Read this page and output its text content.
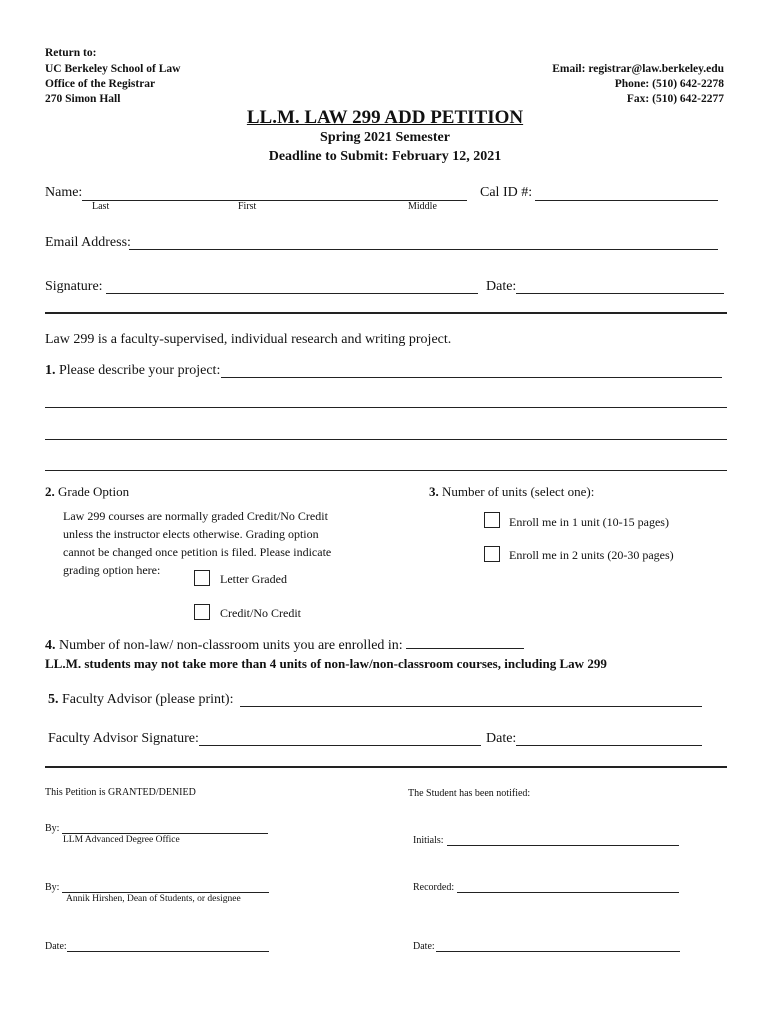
Return to:
UC Berkeley School of Law
Office of the Registrar
270 Simon Hall
Email: registrar@law.berkeley.edu
Phone: (510) 642-2278
Fax: (510) 642-2277
LL.M. LAW 299 ADD PETITION
Spring 2021 Semester
Deadline to Submit: February 12, 2021
Name:
Last	First	Middle
Cal ID #:
Email Address:
Signature:	Date:
Law 299 is a faculty-supervised, individual research and writing project.
1. Please describe your project:
2. Grade Option
Law 299 courses are normally graded Credit/No Credit
unless the instructor elects otherwise. Grading option
cannot be changed once petition is filed. Please indicate
grading option here:
Letter Graded
Credit/No Credit
3. Number of units (select one):
Enroll me in 1 unit (10-15 pages)
Enroll me in 2 units (20-30 pages)
4. Number of non-law/ non-classroom units you are enrolled in:
LL.M. students may not take more than 4 units of non-law/non-classroom courses, including Law 299
5. Faculty Advisor (please print):
Faculty Advisor Signature:	Date:
This Petition is GRANTED/DENIED	The Student has been notified:
By:
LLM Advanced Degree Office	Initials:
By:
Annik Hirshen, Dean of Students, or designee
Recorded:
Date:	Date:
